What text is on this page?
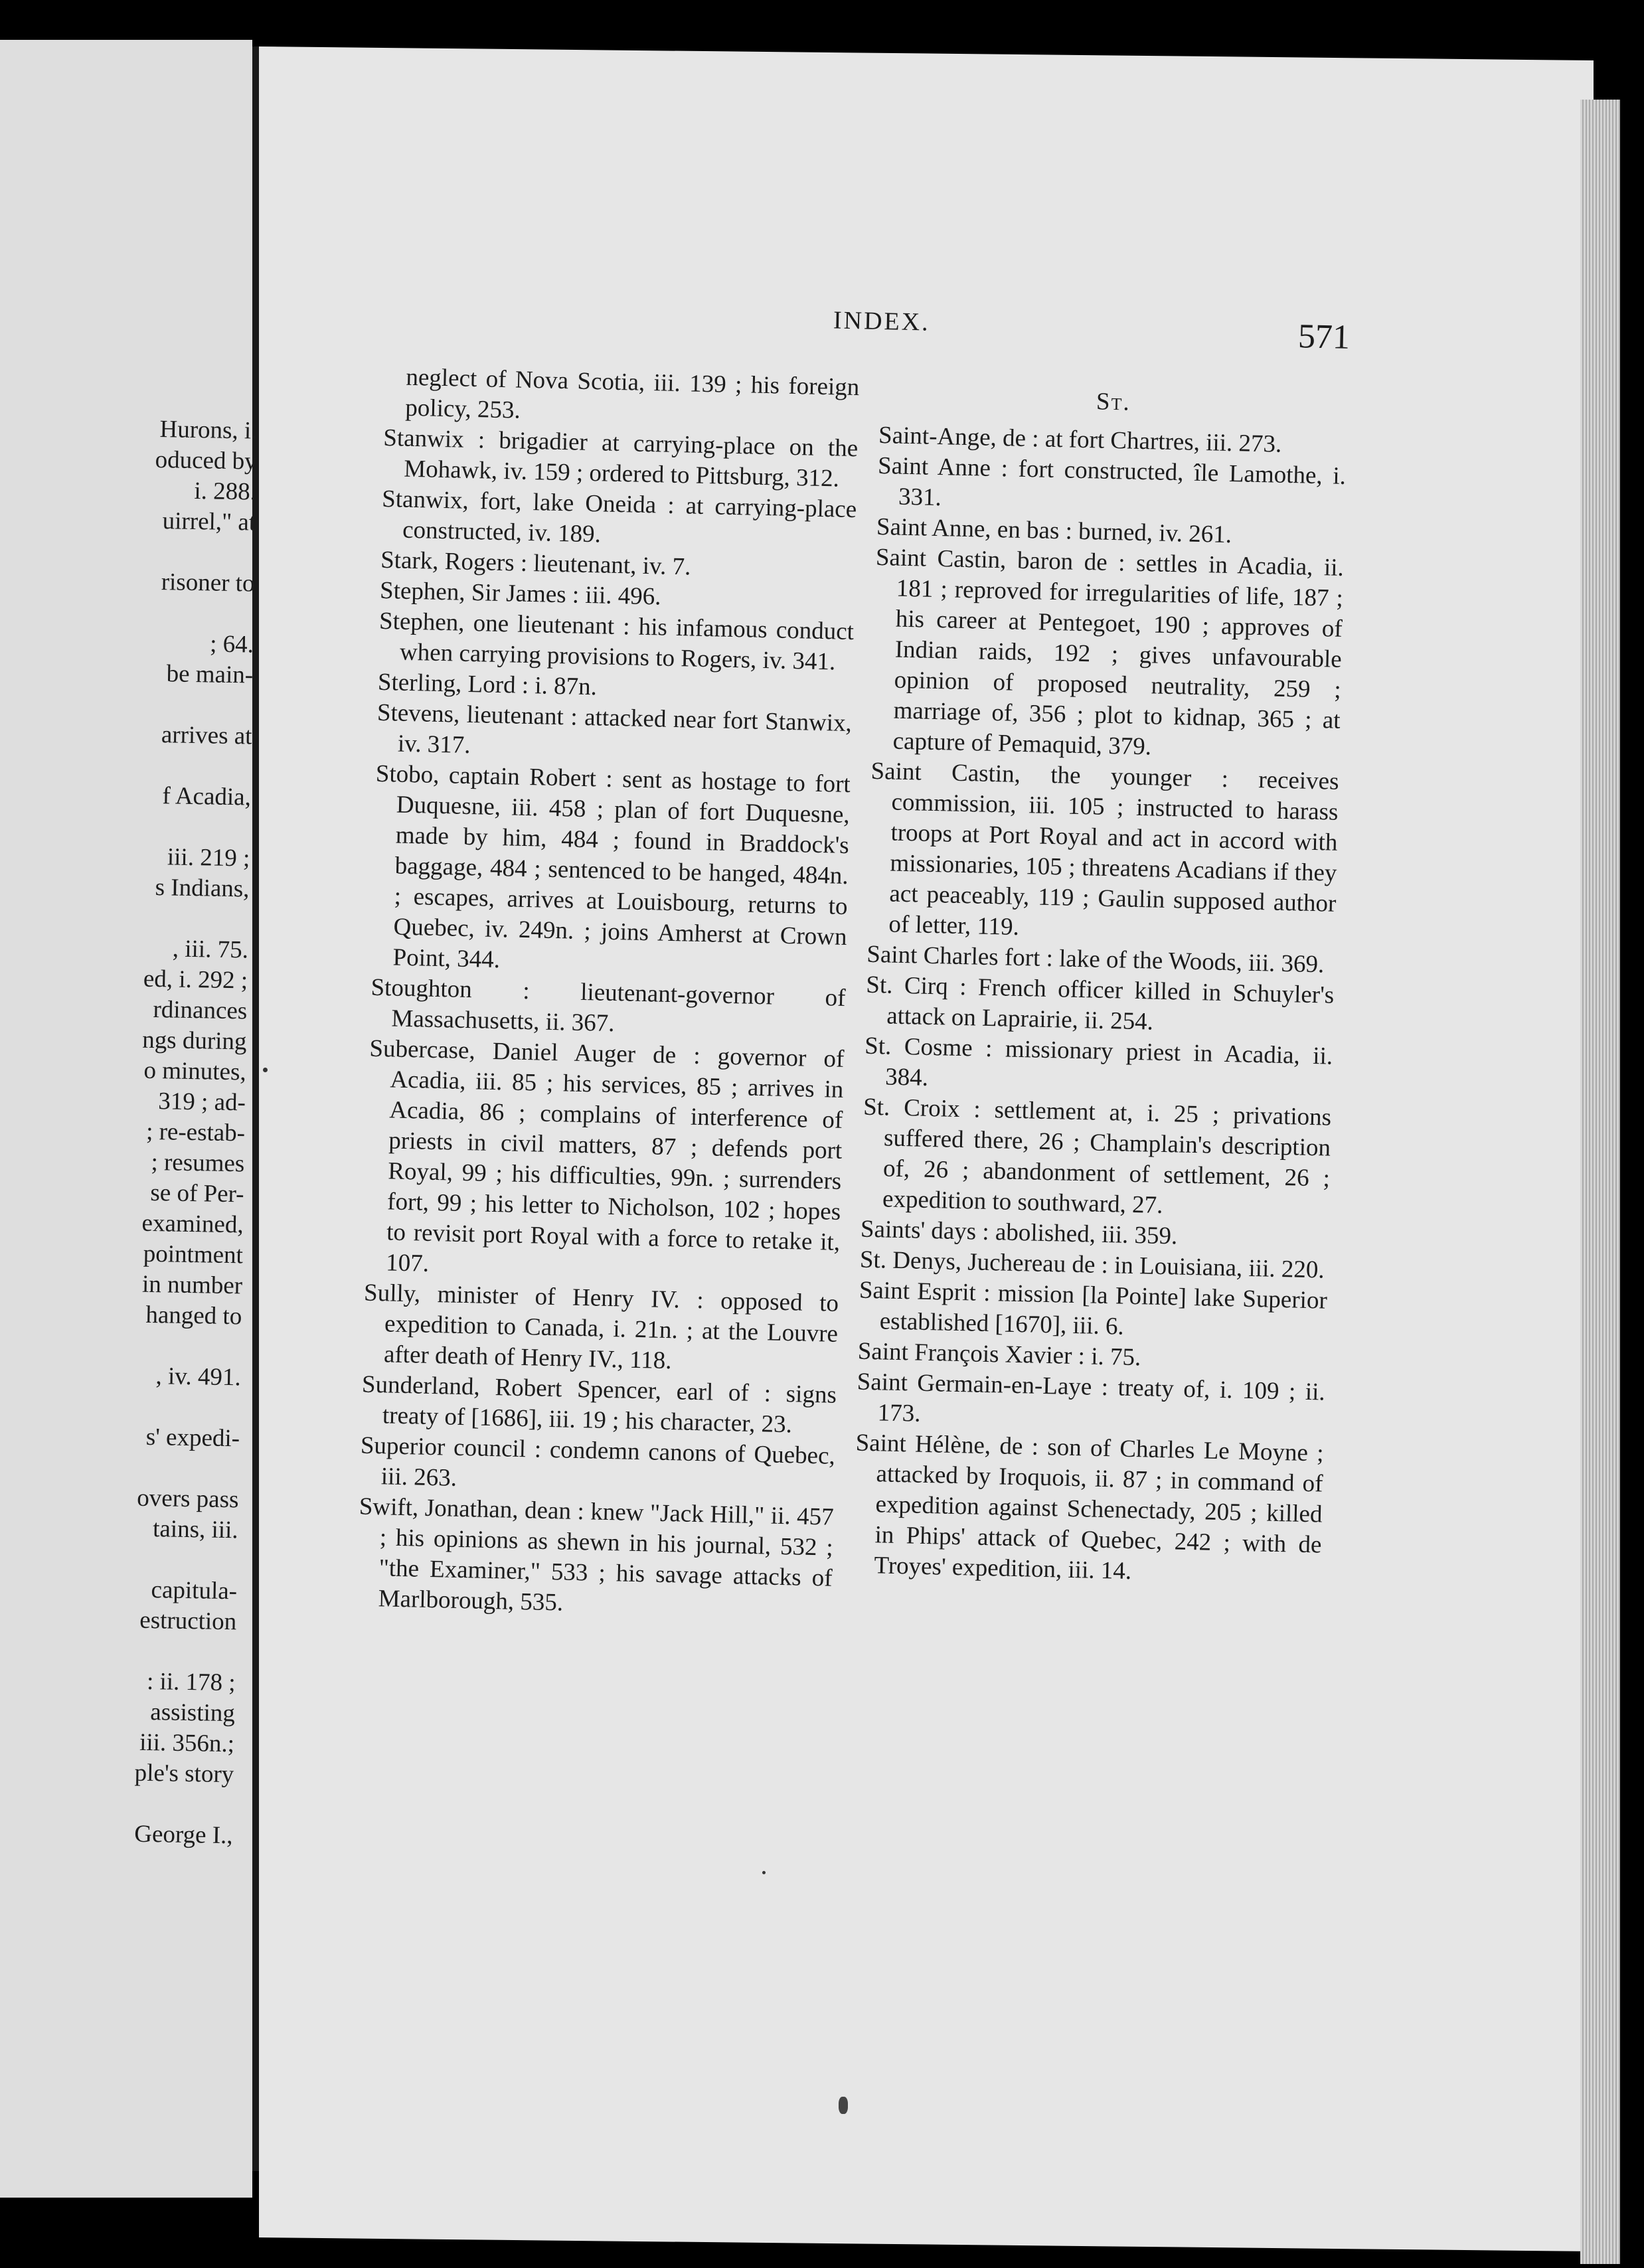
INDEX.	571
Hurons, i.
oduced by
i. 288.
uirrel," at
risoner to
; 64.
be main-
arrives at
f Acadia,
iii. 219 ;
s Indians,
, iii. 75.
ed, i. 292 ;
rdinances
ngs during
o minutes,
319 ; ad-
; re-estab-
; resumes
se of Per-
examined,
pointment
in number
hanged to
, iv. 491.
s' expedi-
overs pass
tains, iii.
capitula-
estruction
: ii. 178 ;
assisting
iii. 356n.;
ple's story
George I.,

neglect of Nova Scotia, iii. 139 ; his foreign policy, 253.

Stanwix : brigadier at carrying-place on the Mohawk, iv. 159 ; ordered to Pittsburg, 312.

Stanwix, fort, lake Oneida : at carrying-place constructed, iv. 189.

Stark, Rogers : lieutenant, iv. 7.

Stephen, Sir James : iii. 496.

Stephen, one lieutenant : his infamous conduct when carrying provisions to Rogers, iv. 341.

Sterling, Lord : i. 87n.

Stevens, lieutenant : attacked near fort Stanwix, iv. 317.

Stobo, captain Robert : sent as hostage to fort Duquesne, iii. 458 ; plan of fort Duquesne, made by him, 484 ; found in Braddock's baggage, 484 ; sentenced to be hanged, 484n. ; escapes, arrives at Louisbourg, returns to Quebec, iv. 249n. ; joins Amherst at Crown Point, 344.

Stoughton : lieutenant-governor of Massachusetts, ii. 367.

Subercase, Daniel Auger de : governor of Acadia, iii. 85 ; his services, 85 ; arrives in Acadia, 86 ; complains of interference of priests in civil matters, 87 ; defends port Royal, 99 ; his difficulties, 99n. ; surrenders fort, 99 ; his letter to Nicholson, 102 ; hopes to revisit port Royal with a force to retake it, 107.

Sully, minister of Henry IV. : opposed to expedition to Canada, i. 21n. ; at the Louvre after death of Henry IV., 118.

Sunderland, Robert Spencer, earl of : signs treaty of [1686], iii. 19 ; his character, 23.

Superior council : condemn canons of Quebec, iii. 263.

Swift, Jonathan, dean : knew "Jack Hill," ii. 457 ; his opinions as shewn in his journal, 532 ; "the Examiner," 533 ; his savage attacks of Marlborough, 535.

St.

Saint-Ange, de : at fort Chartres, iii. 273.

Saint Anne : fort constructed, île Lamothe, i. 331.

Saint Anne, en bas : burned, iv. 261.

Saint Castin, baron de : settles in Acadia, ii. 181 ; reproved for irregularities of life, 187 ; his career at Pentegoet, 190 ; approves of Indian raids, 192 ; gives unfavourable opinion of proposed neutrality, 259 ; marriage of, 356 ; plot to kidnap, 365 ; at capture of Pemaquid, 379.

Saint Castin, the younger : receives commission, iii. 105 ; instructed to harass troops at Port Royal and act in accord with missionaries, 105 ; threatens Acadians if they act peaceably, 119 ; Gaulin supposed author of letter, 119.

Saint Charles fort : lake of the Woods, iii. 369.

St. Cirq : French officer killed in Schuyler's attack on Laprairie, ii. 254.

St. Cosme : missionary priest in Acadia, ii. 384.

St. Croix : settlement at, i. 25 ; privations suffered there, 26 ; Champlain's description of, 26 ; abandonment of settlement, 26 ; expedition to southward, 27.

Saints' days : abolished, iii. 359.

St. Denys, Juchereau de : in Louisiana, iii. 220.

Saint Esprit : mission [la Pointe] lake Superior established [1670], iii. 6.

Saint François Xavier : i. 75.

Saint Germain-en-Laye : treaty of, i. 109 ; ii. 173.

Saint Hélène, de : son of Charles Le Moyne ; attacked by Iroquois, ii. 87 ; in command of expedition against Schenectady, 205 ; killed in Phips' attack of Quebec, 242 ; with de Troyes' expedition, iii. 14.
